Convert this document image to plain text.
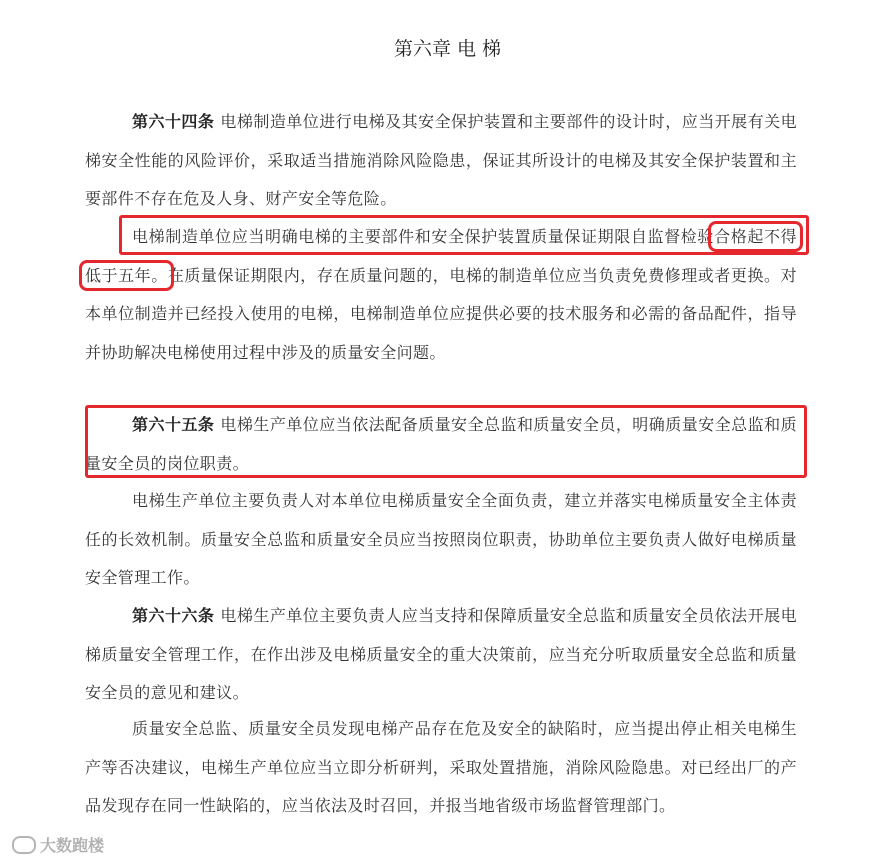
第六章 电 梯

第六十四条 电梯制造单位进行电梯及其安全保护装置和主要部件的设计时，应当开展有关电梯安全性能的风险评价，采取适当措施消除风险隐患，保证其所设计的电梯及其安全保护装置和主要部件不存在危及人身、财产安全等危险。

电梯制造单位应当明确电梯的主要部件和安全保护装置质量保证期限自监督检验合格起不得低于五年。在质量保证期限内，存在质量问题的，电梯的制造单位应当负责免费修理或者更换。对本单位制造并已经投入使用的电梯，电梯制造单位应提供必要的技术服务和必需的备品配件，指导并协助解决电梯使用过程中涉及的质量安全问题。

第六十五条 电梯生产单位应当依法配备质量安全总监和质量安全员，明确质量安全总监和质量安全员的岗位职责。

电梯生产单位主要负责人对本单位电梯质量安全全面负责，建立并落实电梯质量安全主体责任的长效机制。质量安全总监和质量安全员应当按照岗位职责，协助单位主要负责人做好电梯质量安全管理工作。

第六十六条 电梯生产单位主要负责人应当支持和保障质量安全总监和质量安全员依法开展电梯质量安全管理工作，在作出涉及电梯质量安全的重大决策前，应当充分听取质量安全总监和质量安全员的意见和建议。

质量安全总监、质量安全员发现电梯产品存在危及安全的缺陷时，应当提出停止相关电梯生产等否决建议，电梯生产单位应当立即分析研判，采取处置措施，消除风险隐患。对已经出厂的产品发现存在同一性缺陷的，应当依法及时召回，并报当地省级市场监督管理部门。

大数跑楼
